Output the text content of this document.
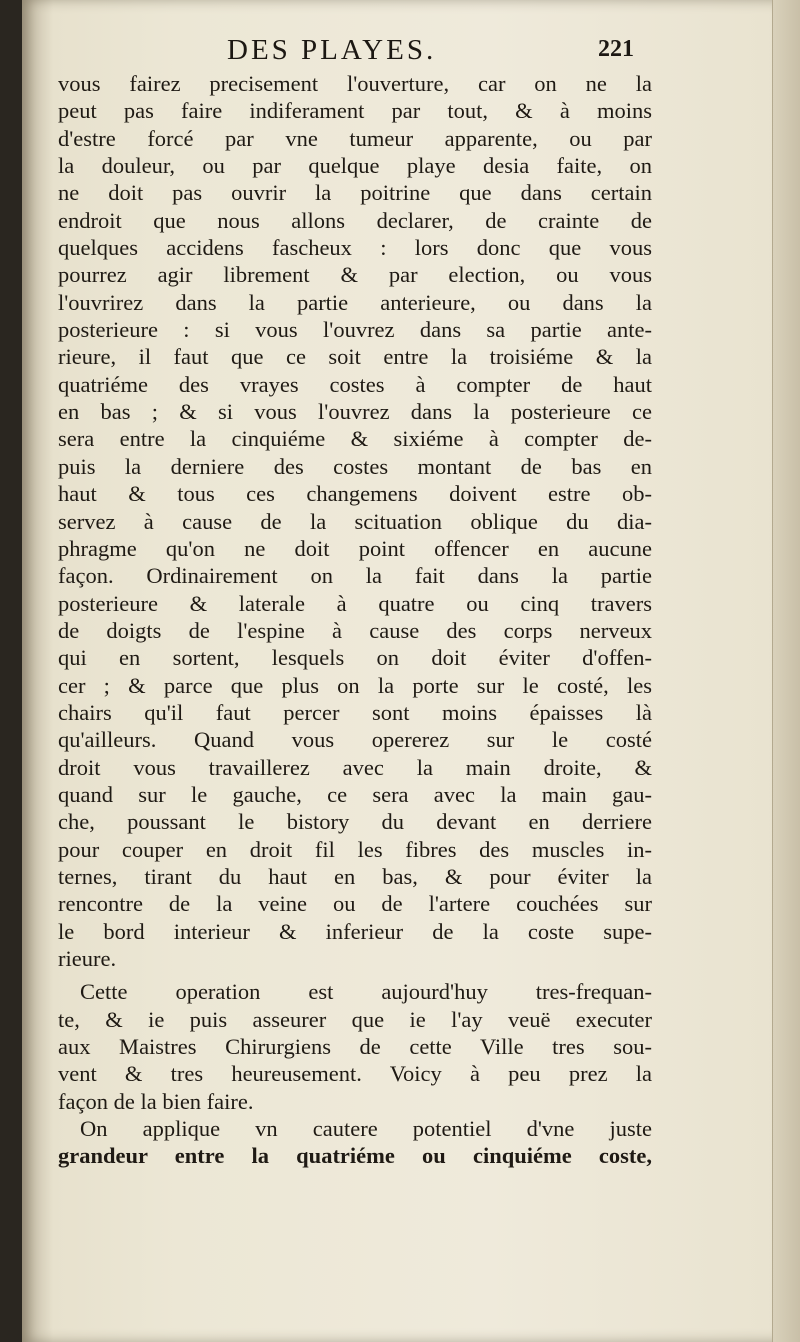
DES PLAYES.	221
vous fairez precisement l'ouverture, car on ne la
peut pas faire indiferament par tout, & à moins
d'estre forcé par vne tumeur apparente, ou par
la douleur, ou par quelque playe desia faite, on
ne doit pas ouvrir la poitrine que dans certain
endroit que nous allons declarer, de crainte de
quelques accidens fascheux : lors donc que vous
pourrez agir librement & par election, ou vous
l'ouvrirez dans la partie anterieure, ou dans la
posterieure : si vous l'ouvrez dans sa partie ante-
rieure, il faut que ce soit entre la troisiéme & la
quatriéme des vrayes costes à compter de haut
en bas ; & si vous l'ouvrez dans la posterieure ce
sera entre la cinquiéme & sixiéme à compter de-
puis la derniere des costes montant de bas en
haut & tous ces changemens doivent estre ob-
servez à cause de la scituation oblique du dia-
phragme qu'on ne doit point offencer en aucune
façon. Ordinairement on la fait dans la partie
posterieure & laterale à quatre ou cinq travers
de doigts de l'espine à cause des corps nerveux
qui en sortent, lesquels on doit éviter d'offen-
cer ; & parce que plus on la porte sur le costé, les
chairs qu'il faut percer sont moins épaisses là
qu'ailleurs. Quand vous opererez sur le costé
droit vous travaillerez avec la main droite, &
quand sur le gauche, ce sera avec la main gau-
che, poussant le bistory du devant en derriere
pour couper en droit fil les fibres des muscles in-
ternes, tirant du haut en bas, & pour éviter la
rencontre de la veine ou de l'artere couchées sur
le bord interieur & inferieur de la coste supe-
rieure.
Cette operation est aujourd'huy tres-frequan-
te, & ie puis asseurer que ie l'ay veuë executer
aux Maistres Chirurgiens de cette Ville tres sou-
vent & tres heureusement. Voicy à peu prez la
façon de la bien faire.
On applique vn cautere potentiel d'vne juste
grandeur entre la quatriéme ou cinquiéme coste,
